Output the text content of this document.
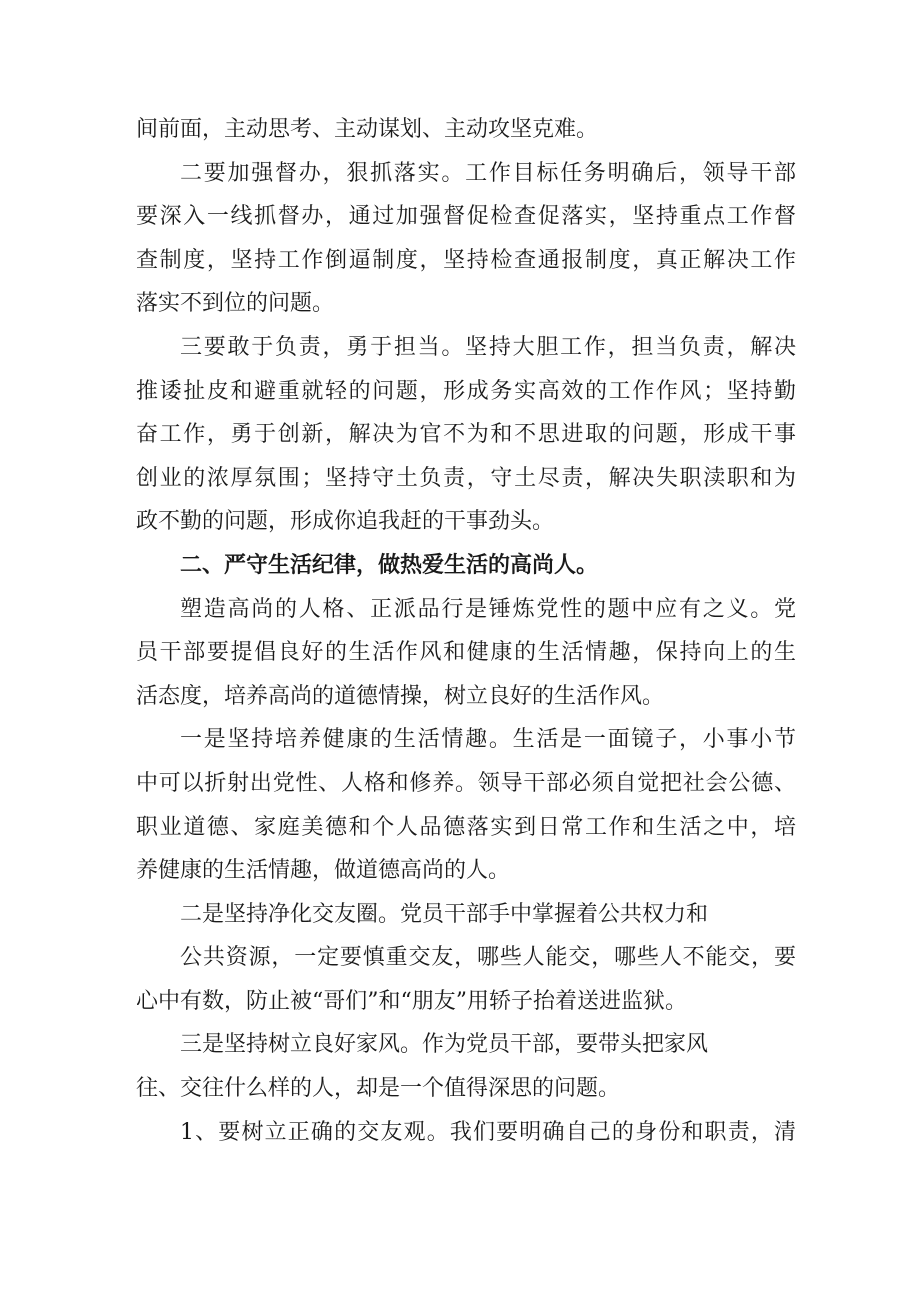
间前面，主动思考、主动谋划、主动攻坚克难。
二要加强督办，狠抓落实。工作目标任务明确后，领导干部
要深入一线抓督办，通过加强督促检查促落实，坚持重点工作督
查制度，坚持工作倒逼制度，坚持检查通报制度，真正解决工作
落实不到位的问题。
三要敢于负责，勇于担当。坚持大胆工作，担当负责，解决
推诿扯皮和避重就轻的问题，形成务实高效的工作作风；坚持勤
奋工作，勇于创新，解决为官不为和不思进取的问题，形成干事
创业的浓厚氛围；坚持守土负责，守土尽责，解决失职渎职和为
政不勤的问题，形成你追我赶的干事劲头。
二、严守生活纪律，做热爱生活的高尚人。
塑造高尚的人格、正派品行是锤炼党性的题中应有之义。党
员干部要提倡良好的生活作风和健康的生活情趣，保持向上的生
活态度，培养高尚的道德情操，树立良好的生活作风。
一是坚持培养健康的生活情趣。生活是一面镜子，小事小节
中可以折射出党性、人格和修养。领导干部必须自觉把社会公德、
职业道德、家庭美德和个人品德落实到日常工作和生活之中，培
养健康的生活情趣，做道德高尚的人。
二是坚持净化交友圈。党员干部手中掌握着公共权力和
公共资源，一定要慎重交友，哪些人能交，哪些人不能交，要
心中有数，防止被“哥们”和“朋友”用轿子抬着送进监狱。
三是坚持树立良好家风。作为党员干部，要带头把家风
往、交往什么样的人，却是一个值得深思的问题。
1、要树立正确的交友观。我们要明确自己的身份和职责，清
